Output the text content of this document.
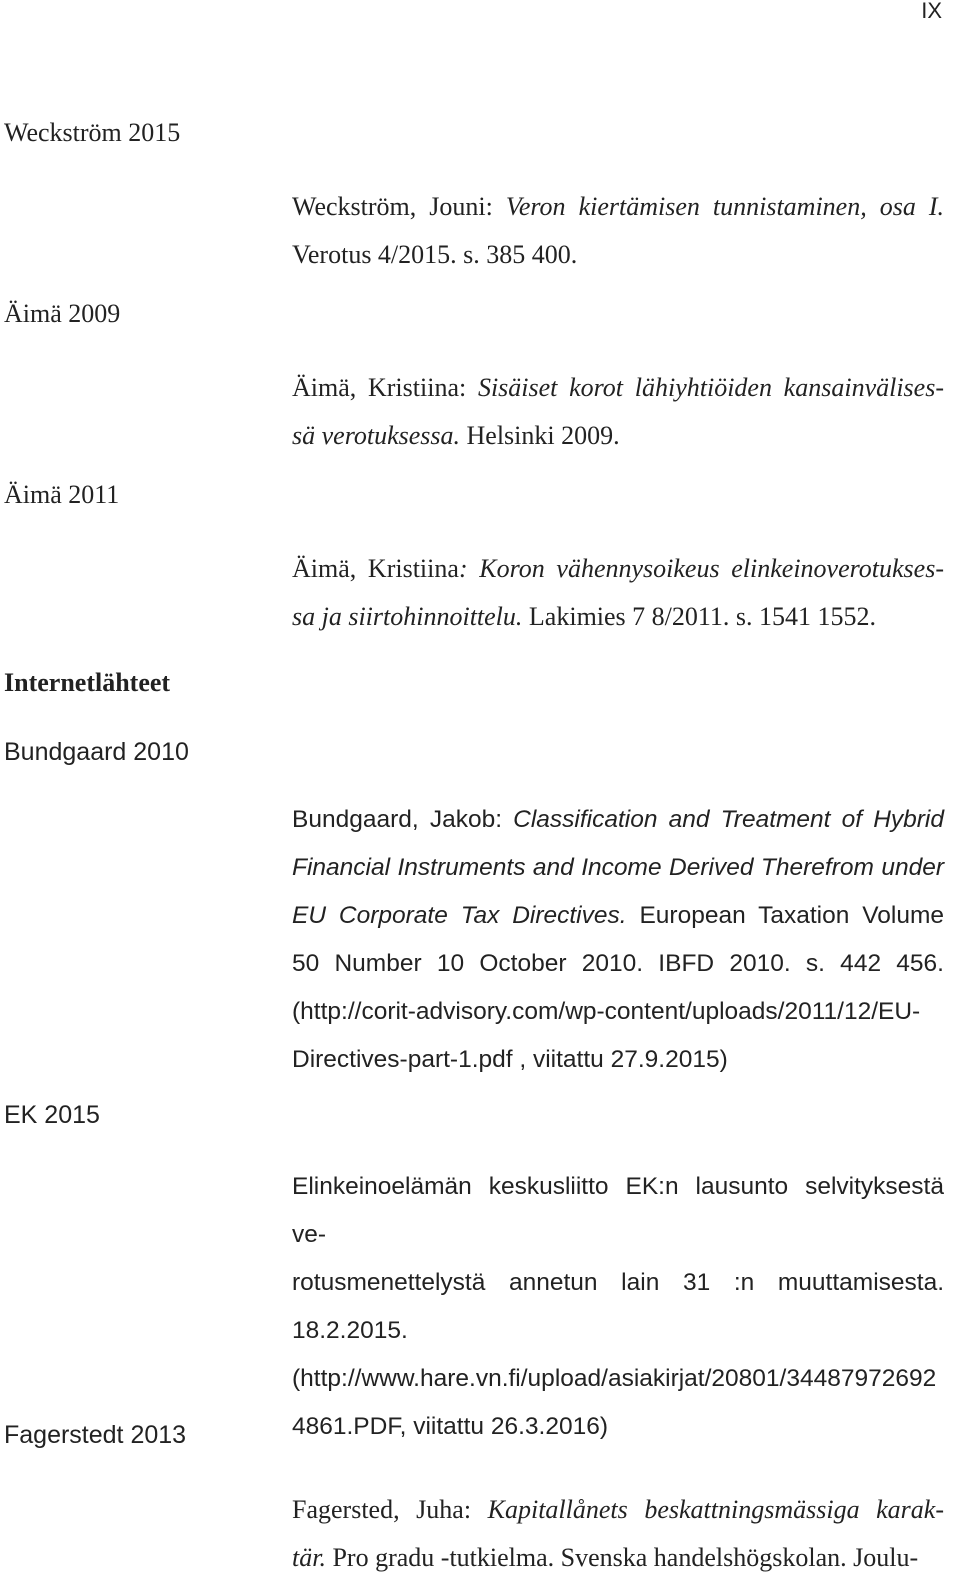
IX
Weckström 2015
Weckström, Jouni: Veron kiertämisen tunnistaminen, osa I.
Verotus 4/2015. s. 385 400.
Äimä 2009
Äimä, Kristiina: Sisäiset korot lähiyhtiöiden kansainvälises-
sä verotuksessa. Helsinki 2009.
Äimä 2011
Äimä, Kristiina: Koron vähennysoikeus elinkeinoverotukses-
sa ja siirtohinnoittelu. Lakimies 7 8/2011. s. 1541 1552.
Internetlähteet
Bundgaard 2010
Bundgaard, Jakob: Classification and Treatment of Hybrid
Financial Instruments and Income Derived Therefrom under
EU Corporate Tax Directives. European Taxation Volume
50 Number 10 October 2010. IBFD 2010. s. 442 456.
(http://corit-advisory.com/wp-content/uploads/2011/12/EU-
Directives-part-1.pdf , viitattu 27.9.2015)
EK 2015
Elinkeinoelämän keskusliitto EK:n lausunto selvityksestä ve-
rotusmenettelystä annetun lain 31 :n muuttamisesta.
18.2.2015.
(http://www.hare.vn.fi/upload/asiakirjat/20801/34487972692
4861.PDF, viitattu 26.3.2016)
Fagerstedt 2013
Fagersted, Juha: Kapitallånets beskattningsmässiga karak-
tär. Pro gradu -tutkielma. Svenska handelshögskolan. Joulu-
